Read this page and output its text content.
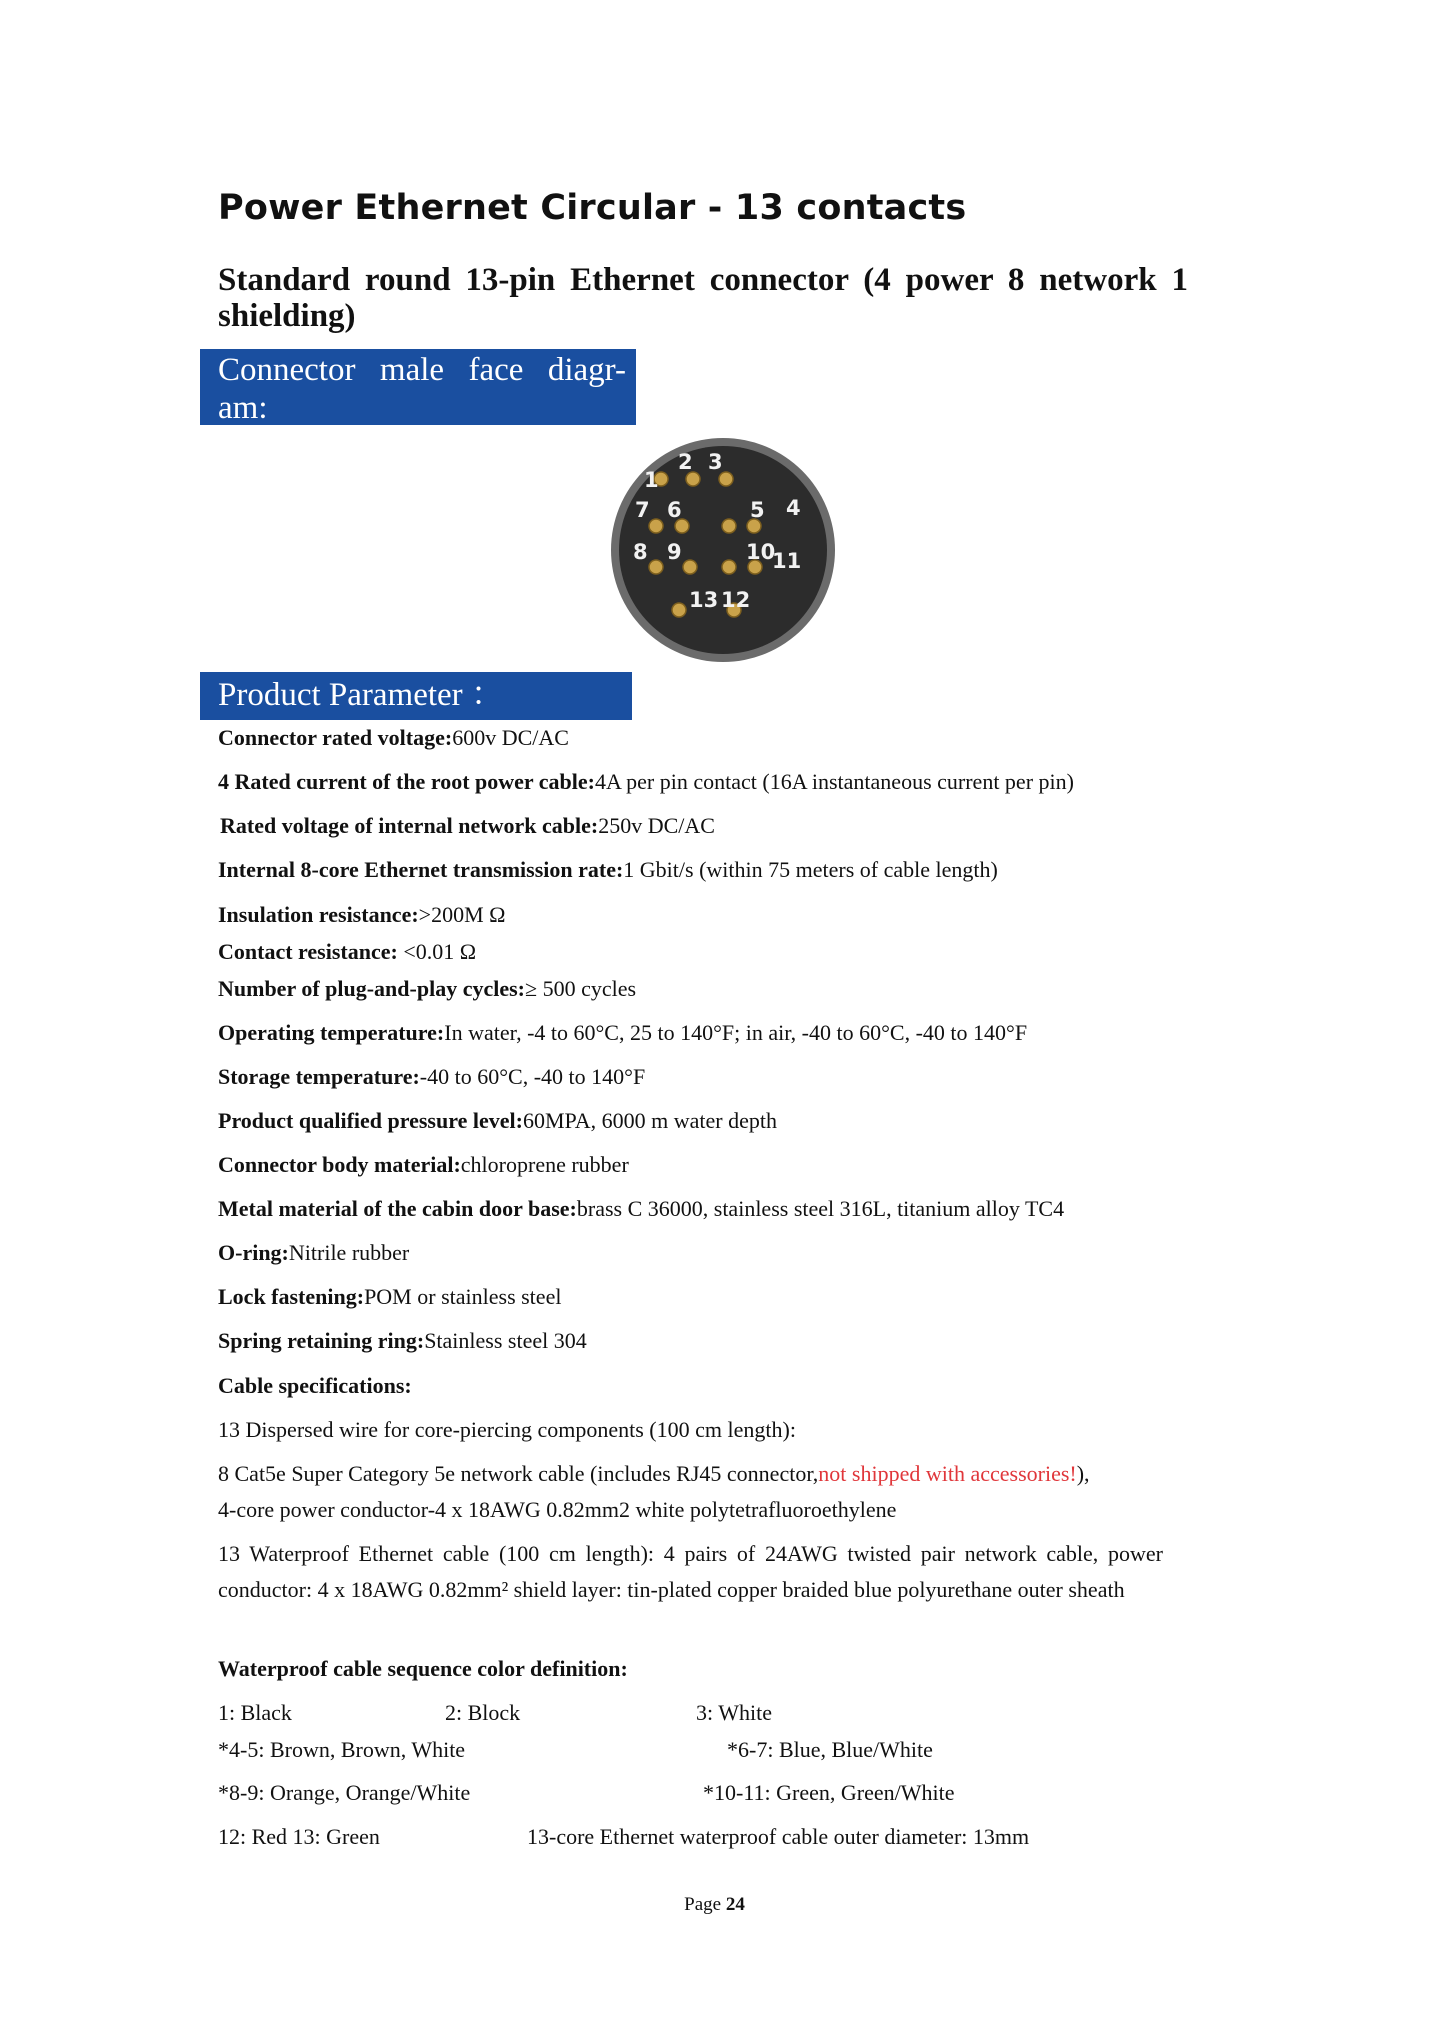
Power Ethernet Circular - 13 contacts
Standard round 13-pin Ethernet connector (4 power 8 network 1 shielding)
Connector male face diagr-am:
1
2 3
4
5
6
7
8 9	10
11
12
13
Product Parameter ：
Connector rated voltage:600v DC/AC
4 Rated current of the root power cable:4A per pin contact (16A instantaneous current per pin)
Rated voltage of internal network cable:250v DC/AC
Internal 8-core Ethernet transmission rate:1 Gbit/s (within 75 meters of cable length)
Insulation resistance:>200M Ω
Contact resistance: <0.01 Ω
Number of plug-and-play cycles:≥ 500 cycles
Operating temperature:In water, -4 to 60°C, 25 to 140°F; in air, -40 to 60°C, -40 to 140°F
Storage temperature:-40 to 60°C, -40 to 140°F
Product qualified pressure level:60MPA, 6000 m water depth
Connector body material:chloroprene rubber
Metal material of the cabin door base:brass C 36000, stainless steel 316L, titanium alloy TC4
O-ring:Nitrile rubber
Lock fastening:POM or stainless steel
Spring retaining ring:Stainless steel 304
Cable specifications:
13 Dispersed wire for core-piercing components (100 cm length):
8 Cat5e Super Category 5e network cable (includes RJ45 connector,not shipped with accessories!),
4-core power conductor-4 x 18AWG 0.82mm2 white polytetrafluoroethylene
13 Waterproof Ethernet cable (100 cm length): 4 pairs of 24AWG twisted pair network cable, power conductor: 4 x 18AWG 0.82mm² shield layer: tin-plated copper braided blue polyurethane outer sheath
Waterproof cable sequence color definition:
1: Black	2: Block	3: White
*4-5: Brown, Brown, White	*6-7: Blue, Blue/White
*8-9: Orange, Orange/White	*10-11: Green, Green/White
12: Red 13: Green	13-core Ethernet waterproof cable outer diameter: 13mm
Page 24
